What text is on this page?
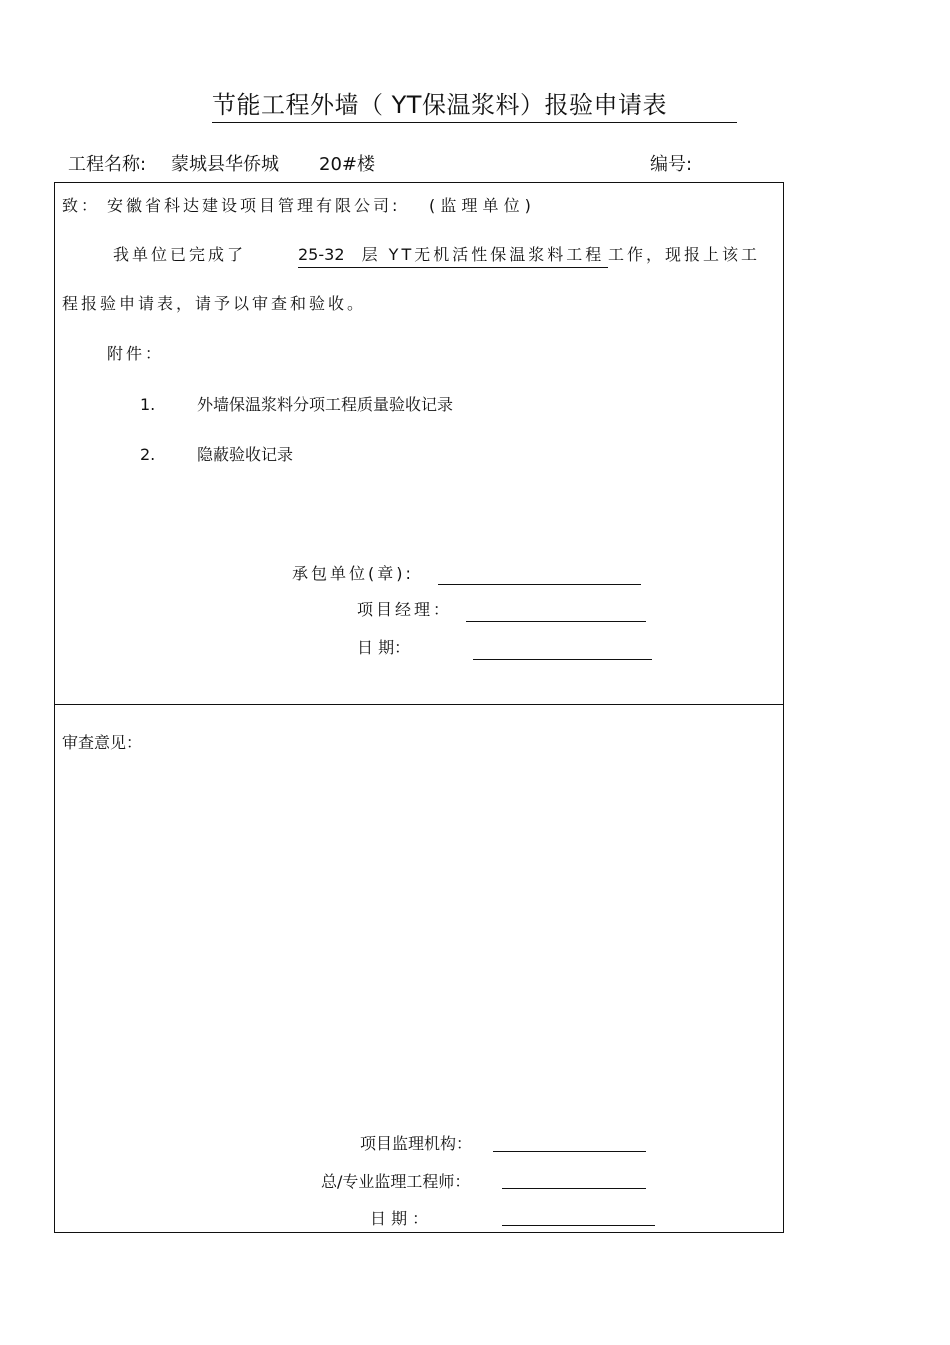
节能工程外墙（ YT保温浆料）报验申请表
工程名称: 蒙城县华侨城 20#楼	编号:
致： 安徽省科达建设项目管理有限公司: ( 监 理 单 位 )
我单位已完成了	25-32 层 YT无机活性保温浆料工程 工作，现报上该工
程报验申请表，请予以审查和验收。
附件：
1.	外墙保温浆料分项工程质量验收记录
2.	隐蔽验收记录
承包单位(章):
项目经理：
日 期：
审查意见：
项目监理机构：
总/专业监理工程师：
日 期 ：
